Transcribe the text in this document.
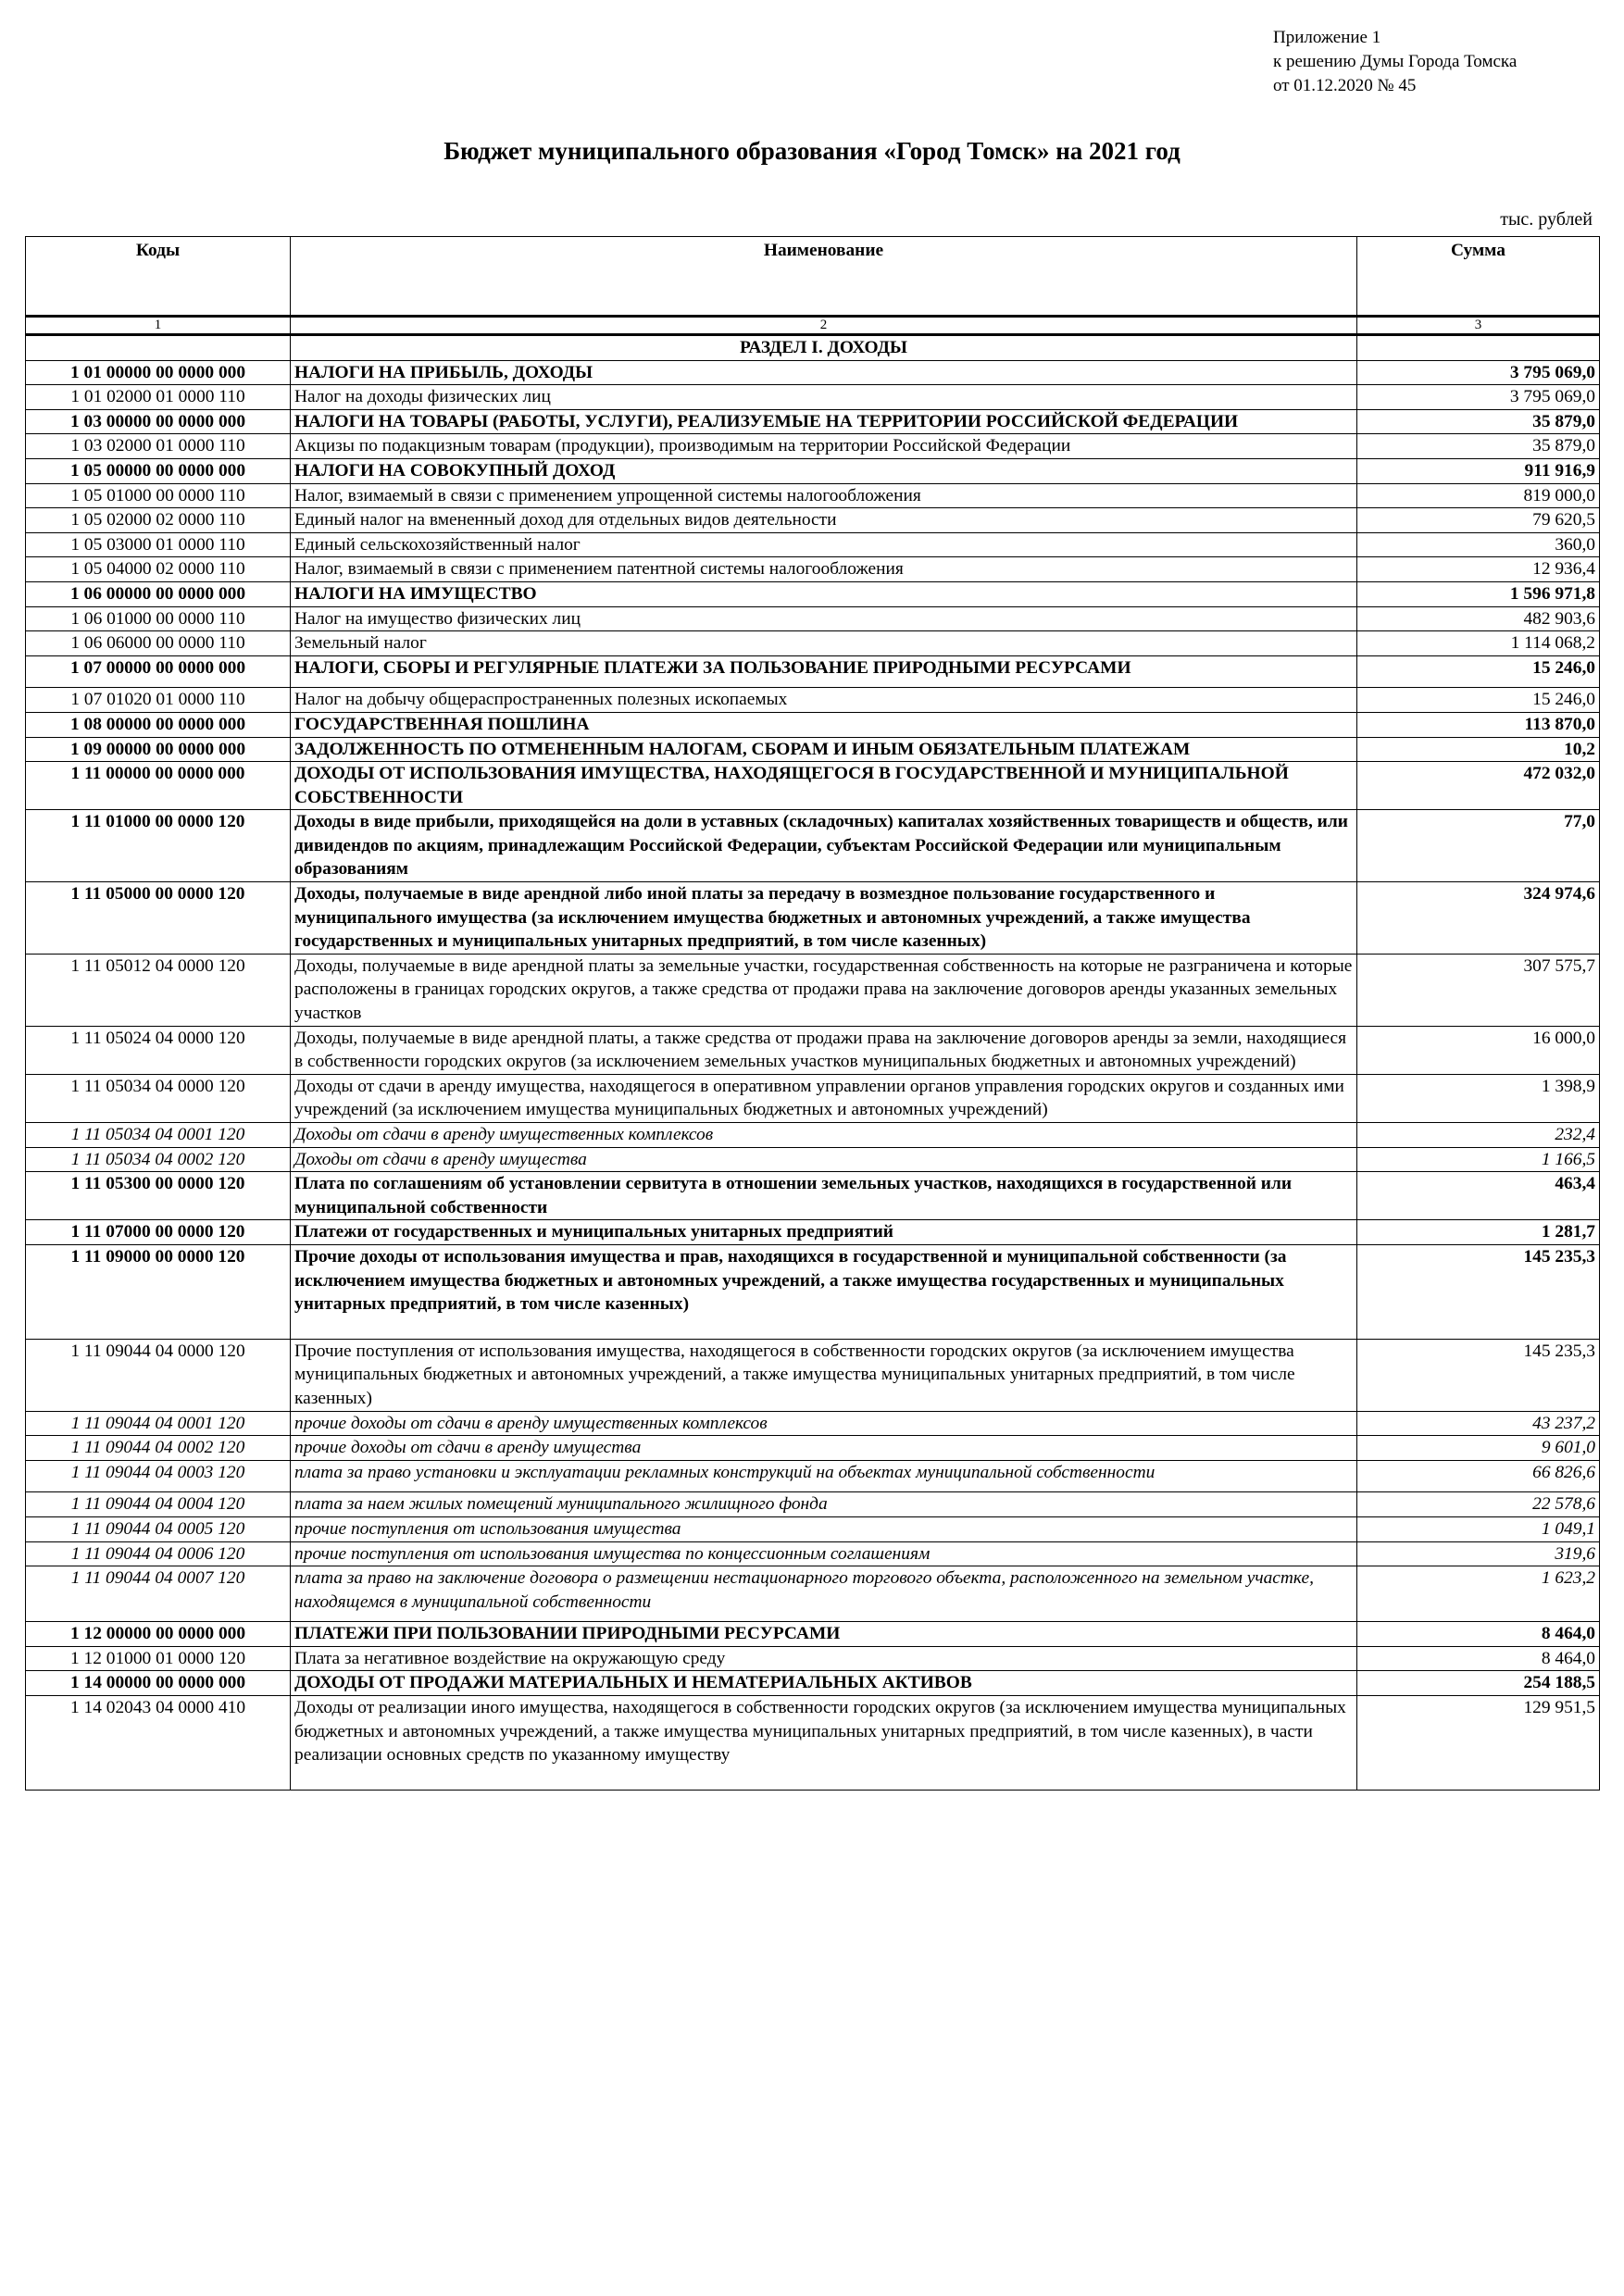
Приложение 1
к решению Думы Города Томска
от 01.12.2020 № 45
Бюджет муниципального образования «Город Томск» на 2021 год
тыс. рублей
Коды	Наименование	Сумма
1	2	3
	РАЗДЕЛ I. ДОХОДЫ	
1 01 00000 00 0000 000	НАЛОГИ НА ПРИБЫЛЬ, ДОХОДЫ	3 795 069,0
1 01 02000 01 0000 110	Налог на доходы физических лиц	3 795 069,0
1 03 00000 00 0000 000	НАЛОГИ НА ТОВАРЫ (РАБОТЫ, УСЛУГИ), РЕАЛИЗУЕМЫЕ НА ТЕРРИТОРИИ РОССИЙСКОЙ ФЕДЕРАЦИИ	35 879,0
1 03 02000 01 0000 110	Акцизы по подакцизным товарам (продукции), производимым на территории Российской Федерации	35 879,0
1 05 00000 00 0000 000	НАЛОГИ НА СОВОКУПНЫЙ ДОХОД	911 916,9
1 05 01000 00 0000 110	Налог, взимаемый в связи с применением упрощенной системы налогообложения	819 000,0
1 05 02000 02 0000 110	Единый налог на вмененный доход для отдельных видов деятельности	79 620,5
1 05 03000 01 0000 110	Единый сельскохозяйственный налог	360,0
1 05 04000 02 0000 110	Налог, взимаемый в связи с применением патентной системы налогообложения	12 936,4
1 06 00000 00 0000 000	НАЛОГИ НА ИМУЩЕСТВО	1 596 971,8
1 06 01000 00 0000 110	Налог на имущество физических лиц	482 903,6
1 06 06000 00 0000 110	Земельный налог	1 114 068,2
1 07 00000 00 0000 000	НАЛОГИ, СБОРЫ И РЕГУЛЯРНЫЕ ПЛАТЕЖИ ЗА ПОЛЬЗОВАНИЕ ПРИРОДНЫМИ РЕСУРСАМИ	15 246,0
1 07 01020 01 0000 110	Налог на добычу общераспространенных полезных ископаемых	15 246,0
1 08 00000 00 0000 000	ГОСУДАРСТВЕННАЯ ПОШЛИНА	113 870,0
1 09 00000 00 0000 000	ЗАДОЛЖЕННОСТЬ ПО ОТМЕНЕННЫМ НАЛОГАМ, СБОРАМ И ИНЫМ ОБЯЗАТЕЛЬНЫМ ПЛАТЕЖАМ	10,2
1 11 00000 00 0000 000	ДОХОДЫ ОТ ИСПОЛЬЗОВАНИЯ ИМУЩЕСТВА, НАХОДЯЩЕГОСЯ В ГОСУДАРСТВЕННОЙ И МУНИЦИПАЛЬНОЙ СОБСТВЕННОСТИ	472 032,0
1 11 01000 00 0000 120	Доходы в виде прибыли, приходящейся на доли в уставных (складочных) капиталах хозяйственных товариществ и обществ, или дивидендов по акциям, принадлежащим Российской Федерации, субъектам Российской Федерации или муниципальным образованиям	77,0
1 11 05000 00 0000 120	Доходы, получаемые в виде арендной либо иной платы за передачу в возмездное пользование государственного и муниципального имущества (за исключением имущества бюджетных и автономных учреждений, а также имущества государственных и муниципальных унитарных предприятий, в том числе казенных)	324 974,6
1 11 05012 04 0000 120	Доходы, получаемые в виде арендной платы за земельные участки, государственная собственность на которые не разграничена и которые расположены в границах городских округов, а также средства от продажи права на заключение договоров аренды указанных земельных участков	307 575,7
1 11 05024 04 0000 120	Доходы, получаемые в виде арендной платы, а также средства от продажи права на заключение договоров аренды за земли, находящиеся в собственности городских округов (за исключением земельных участков муниципальных бюджетных и автономных учреждений)	16 000,0
1 11 05034 04 0000 120	Доходы от сдачи в аренду имущества, находящегося в оперативном управлении органов управления городских округов и созданных ими учреждений (за исключением имущества муниципальных бюджетных и автономных учреждений)	1 398,9
1 11 05034 04 0001 120	Доходы от сдачи в аренду имущественных комплексов	232,4
1 11 05034 04 0002 120	Доходы от сдачи в аренду имущества	1 166,5
1 11 05300 00 0000 120	Плата по соглашениям об установлении сервитута в отношении земельных участков, находящихся в государственной или муниципальной собственности	463,4
1 11 07000 00 0000 120	Платежи от государственных и муниципальных унитарных предприятий	1 281,7
1 11 09000 00 0000 120	Прочие доходы от использования имущества и прав, находящихся в государственной и муниципальной собственности (за исключением имущества бюджетных и автономных учреждений, а также имущества государственных и муниципальных унитарных предприятий, в том числе казенных)	145 235,3
1 11 09044 04 0000 120	Прочие поступления от использования имущества, находящегося в собственности городских округов (за исключением имущества муниципальных бюджетных и автономных учреждений, а также имущества муниципальных унитарных предприятий, в том числе казенных)	145 235,3
1 11 09044 04 0001 120	прочие доходы от сдачи в аренду имущественных комплексов	43 237,2
1 11 09044 04 0002 120	прочие доходы от сдачи в аренду имущества	9 601,0
1 11 09044 04 0003 120	плата за право установки и эксплуатации рекламных конструкций на объектах муниципальной собственности	66 826,6
1 11 09044 04 0004 120	плата за наем жилых помещений муниципального жилищного фонда	22 578,6
1 11 09044 04 0005 120	прочие поступления от использования имущества	1 049,1
1 11 09044 04 0006 120	прочие поступления от использования имущества по концессионным соглашениям	319,6
1 11 09044 04 0007 120	плата за право на заключение договора о размещении нестационарного торгового объекта, расположенного на земельном участке, находящемся в муниципальной собственности	1 623,2
1 12 00000 00 0000 000	ПЛАТЕЖИ ПРИ ПОЛЬЗОВАНИИ ПРИРОДНЫМИ РЕСУРСАМИ	8 464,0
1 12 01000 01 0000 120	Плата за негативное воздействие на окружающую среду	8 464,0
1 14 00000 00 0000 000	ДОХОДЫ ОТ ПРОДАЖИ МАТЕРИАЛЬНЫХ И НЕМАТЕРИАЛЬНЫХ АКТИВОВ	254 188,5
1 14 02043 04 0000 410	Доходы от реализации иного имущества, находящегося в собственности городских округов (за исключением имущества муниципальных бюджетных и автономных учреждений, а также имущества муниципальных унитарных предприятий, в том числе казенных), в части реализации основных средств по указанному имуществу	129 951,5
